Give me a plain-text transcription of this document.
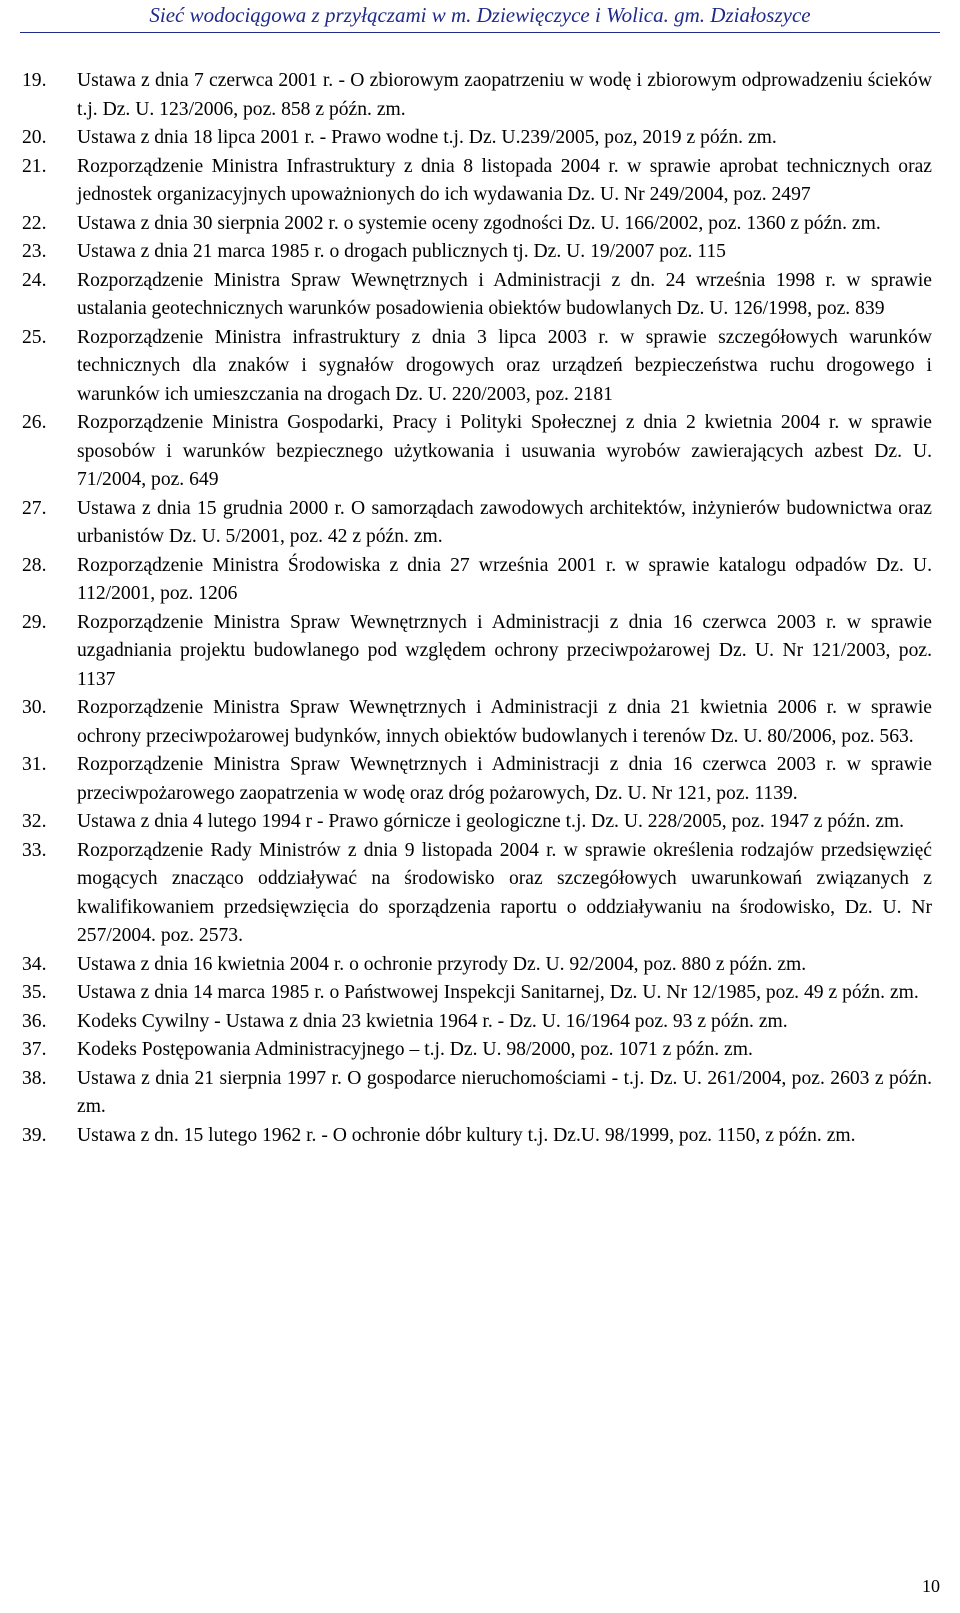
Sieć wodociągowa z przyłączami w m. Dziewięczyce i Wolica. gm. Działoszyce
19.	Ustawa z dnia 7 czerwca 2001 r. - O zbiorowym zaopatrzeniu w wodę i zbiorowym odprowadzeniu ścieków t.j. Dz. U. 123/2006, poz. 858 z późn. zm.
20.	Ustawa z dnia 18 lipca 2001 r. - Prawo wodne t.j. Dz. U.239/2005, poz, 2019 z późn. zm.
21.	Rozporządzenie Ministra Infrastruktury z dnia 8 listopada 2004 r. w sprawie aprobat technicznych oraz jednostek organizacyjnych upoważnionych do ich wydawania Dz. U. Nr 249/2004, poz. 2497
22.	Ustawa z dnia 30 sierpnia 2002 r. o systemie oceny zgodności Dz. U. 166/2002, poz. 1360 z późn. zm.
23.	Ustawa z dnia 21 marca 1985 r. o drogach publicznych tj. Dz. U. 19/2007 poz. 115
24.	Rozporządzenie Ministra Spraw Wewnętrznych i Administracji z dn. 24 września 1998 r. w sprawie ustalania geotechnicznych warunków posadowienia obiektów budowlanych Dz. U. 126/1998, poz. 839
25.	Rozporządzenie Ministra infrastruktury z dnia 3 lipca 2003 r. w sprawie szczegółowych warunków technicznych dla znaków i sygnałów drogowych oraz urządzeń bezpieczeństwa ruchu drogowego i warunków ich umieszczania na drogach Dz. U. 220/2003, poz. 2181
26.	Rozporządzenie Ministra Gospodarki, Pracy i Polityki Społecznej z dnia 2 kwietnia 2004 r. w sprawie sposobów i warunków bezpiecznego użytkowania i usuwania wyrobów zawierających azbest Dz. U. 71/2004, poz. 649
27.	Ustawa z dnia 15 grudnia 2000 r. O samorządach zawodowych architektów, inżynierów budownictwa oraz urbanistów Dz. U. 5/2001, poz. 42 z późn. zm.
28.	Rozporządzenie Ministra Środowiska z dnia 27 września 2001 r. w sprawie katalogu odpadów Dz. U. 112/2001, poz. 1206
29.	Rozporządzenie Ministra Spraw Wewnętrznych i Administracji z dnia 16 czerwca 2003 r. w sprawie uzgadniania projektu budowlanego pod względem ochrony przeciwpożarowej Dz. U. Nr 121/2003, poz. 1137
30.	Rozporządzenie Ministra Spraw Wewnętrznych i Administracji z dnia 21 kwietnia 2006 r. w sprawie ochrony przeciwpożarowej budynków, innych obiektów budowlanych i terenów Dz. U. 80/2006, poz. 563.
31.	Rozporządzenie Ministra Spraw Wewnętrznych i Administracji z dnia 16 czerwca 2003 r. w sprawie przeciwpożarowego zaopatrzenia w wodę oraz dróg pożarowych, Dz. U. Nr 121, poz. 1139.
32.	Ustawa z dnia 4 lutego 1994 r - Prawo górnicze i geologiczne t.j. Dz. U. 228/2005, poz. 1947 z późn. zm.
33.	Rozporządzenie Rady Ministrów z dnia 9 listopada 2004 r. w sprawie określenia rodzajów przedsięwzięć mogących znacząco oddziaływać na środowisko oraz szczegółowych uwarunkowań związanych z kwalifikowaniem przedsięwzięcia do sporządzenia raportu o oddziaływaniu na środowisko, Dz. U. Nr 257/2004. poz. 2573.
34.	Ustawa z dnia 16 kwietnia 2004 r. o ochronie przyrody Dz. U. 92/2004, poz. 880 z późn. zm.
35.	Ustawa z dnia 14 marca 1985 r. o Państwowej Inspekcji Sanitarnej, Dz. U. Nr 12/1985, poz. 49 z późn. zm.
36.	Kodeks Cywilny - Ustawa z dnia 23 kwietnia 1964 r. - Dz. U. 16/1964 poz. 93 z późn. zm.
37.	Kodeks Postępowania Administracyjnego – t.j. Dz. U. 98/2000, poz. 1071 z późn. zm.
38.	Ustawa z dnia 21 sierpnia 1997 r. O gospodarce nieruchomościami - t.j. Dz. U. 261/2004, poz. 2603 z późn. zm.
39.	Ustawa z dn. 15 lutego 1962 r. - O ochronie dóbr kultury t.j. Dz.U. 98/1999, poz. 1150, z późn. zm.
10
